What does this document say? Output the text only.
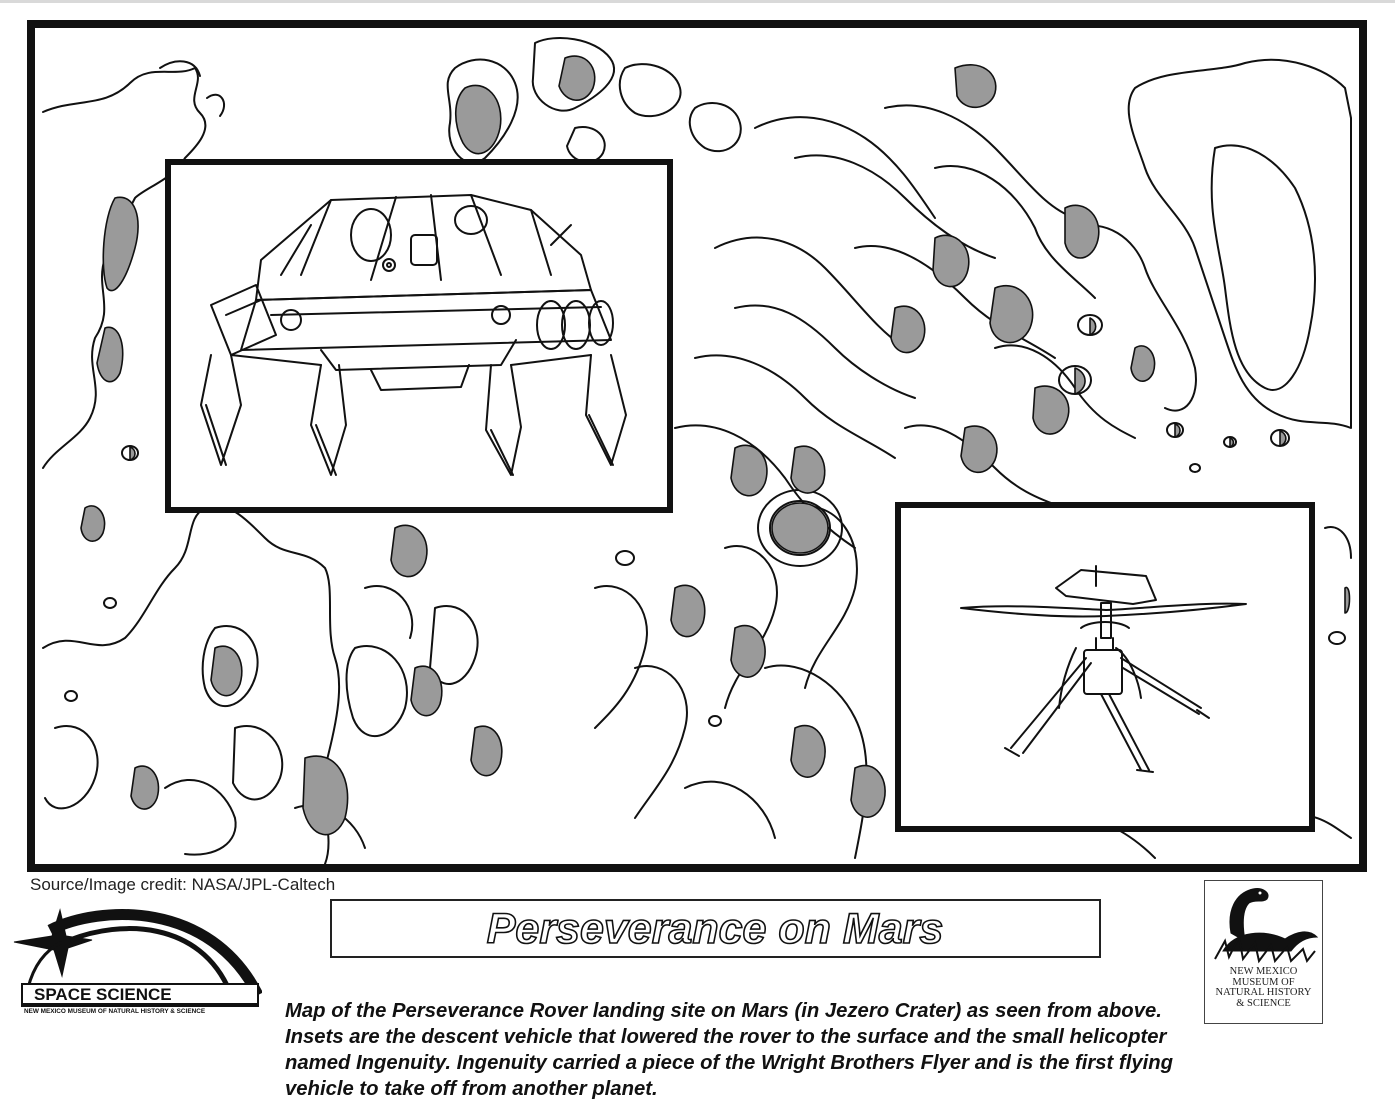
Source/Image credit: NASA/JPL-Caltech
SPACE SCIENCE
NEW MEXICO MUSEUM OF NATURAL HISTORY & SCIENCE
Perseverance on Mars
NEW MEXICO
MUSEUM OF
NATURAL HISTORY
& SCIENCE

Map of the Perseverance Rover landing site on Mars (in Jezero Crater) as seen from above. Insets are the descent vehicle that lowered the rover to the surface and the small helicopter named Ingenuity. Ingenuity carried a piece of the Wright Brothers Flyer and is the first flying vehicle to take off from another planet.
